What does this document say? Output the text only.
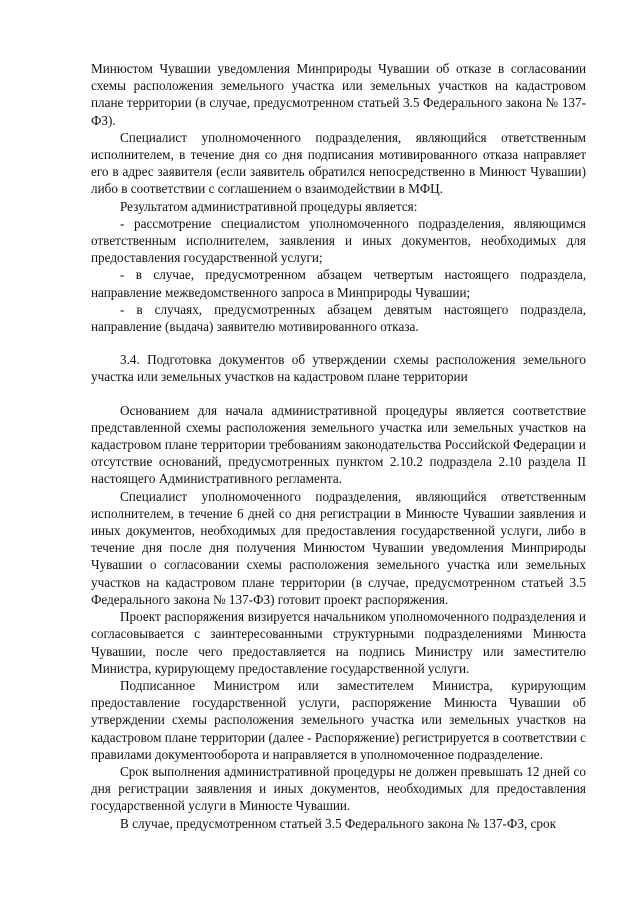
Минюстом Чувашии уведомления Минприроды Чувашии об отказе в согласовании схемы расположения земельного участка или земельных участков на кадастровом плане территории (в случае, предусмотренном статьей 3.5 Федерального закона № 137-ФЗ).

Специалист уполномоченного подразделения, являющийся ответственным исполнителем, в течение дня со дня подписания мотивированного отказа направляет его в адрес заявителя (если заявитель обратился непосредственно в Минюст Чувашии) либо в соответствии с соглашением о взаимодействии в МФЦ.

Результатом административной процедуры является:

- рассмотрение специалистом уполномоченного подразделения, являющимся ответственным исполнителем, заявления и иных документов, необходимых для предоставления государственной услуги;

- в случае, предусмотренном абзацем четвертым настоящего подраздела, направление межведомственного запроса в Минприроды Чувашии;

- в случаях, предусмотренных абзацем девятым настоящего подраздела, направление (выдача) заявителю мотивированного отказа.

3.4. Подготовка документов об утверждении схемы расположения земельного участка или земельных участков на кадастровом плане территории

Основанием для начала административной процедуры является соответствие представленной схемы расположения земельного участка или земельных участков на кадастровом плане территории требованиям законодательства Российской Федерации и отсутствие оснований, предусмотренных пунктом 2.10.2 подраздела 2.10 раздела II настоящего Административного регламента.

Специалист уполномоченного подразделения, являющийся ответственным исполнителем, в течение 6 дней со дня регистрации в Минюсте Чувашии заявления и иных документов, необходимых для предоставления государственной услуги, либо в течение дня после дня получения Минюстом Чувашии уведомления Минприроды Чувашии о согласовании схемы расположения земельного участка или земельных участков на кадастровом плане территории (в случае, предусмотренном статьей 3.5 Федерального закона № 137-ФЗ) готовит проект распоряжения.

Проект распоряжения визируется начальником уполномоченного подразделения и согласовывается с заинтересованными структурными подразделениями Минюста Чувашии, после чего предоставляется на подпись Министру или заместителю Министра, курирующему предоставление государственной услуги.

Подписанное Министром или заместителем Министра, курирующим предоставление государственной услуги, распоряжение Минюста Чувашии об утверждении схемы расположения земельного участка или земельных участков на кадастровом плане территории (далее - Распоряжение) регистрируется в соответствии с правилами документооборота и направляется в уполномоченное подразделение.

Срок выполнения административной процедуры не должен превышать 12 дней со дня регистрации заявления и иных документов, необходимых для предоставления государственной услуги в Минюсте Чувашии.

В случае, предусмотренном статьей 3.5 Федерального закона № 137-ФЗ, срок
